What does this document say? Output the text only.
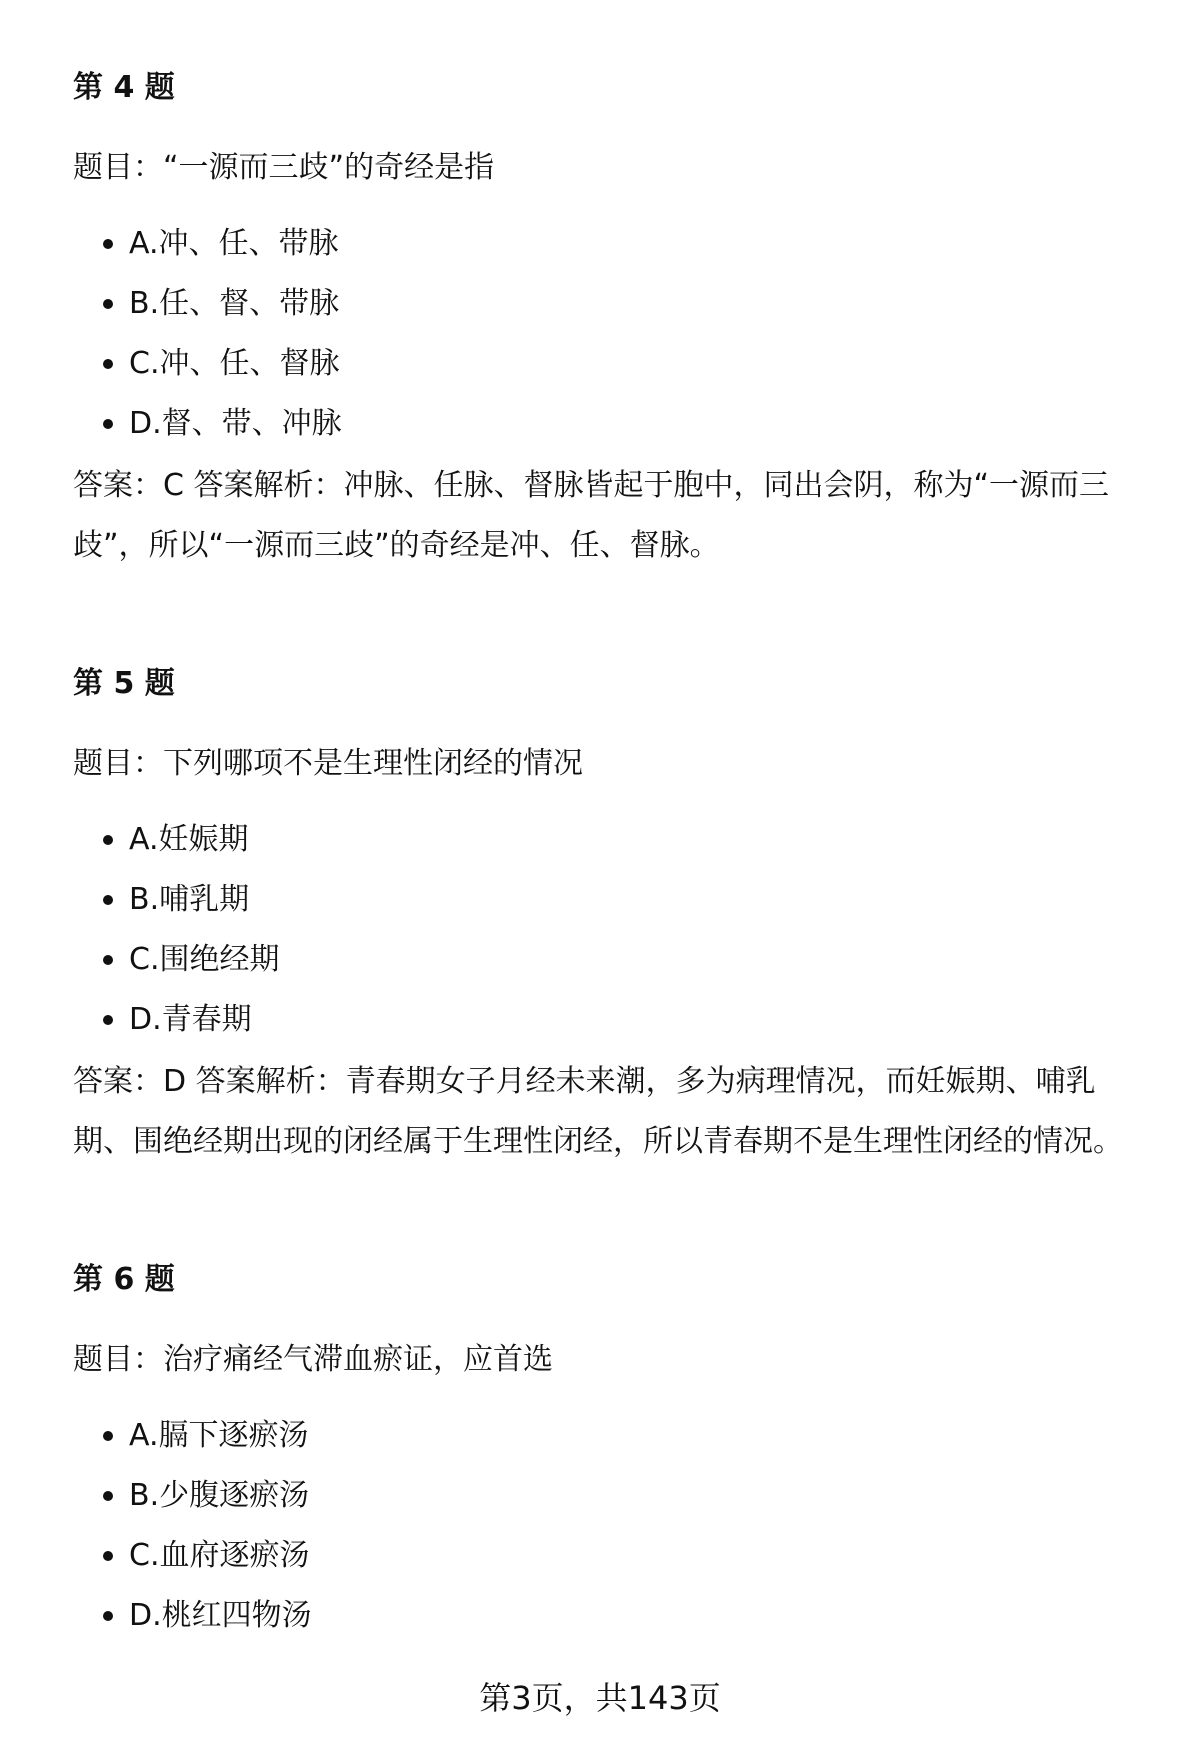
第 4 题

题目：“一源而三歧”的奇经是指

A.冲、任、带脉
B.任、督、带脉
C.冲、任、督脉
D.督、带、冲脉

答案：C 答案解析：冲脉、任脉、督脉皆起于胞中，同出会阴，称为“一源而三歧”，所以“一源而三歧”的奇经是冲、任、督脉。

第 5 题

题目：下列哪项不是生理性闭经的情况

A.妊娠期
B.哺乳期
C.围绝经期
D.青春期

答案：D 答案解析：青春期女子月经未来潮，多为病理情况，而妊娠期、哺乳期、围绝经期出现的闭经属于生理性闭经，所以青春期不是生理性闭经的情况。

第 6 题

题目：治疗痛经气滞血瘀证，应首选

A.膈下逐瘀汤
B.少腹逐瘀汤
C.血府逐瘀汤
D.桃红四物汤
第3页，共143页
